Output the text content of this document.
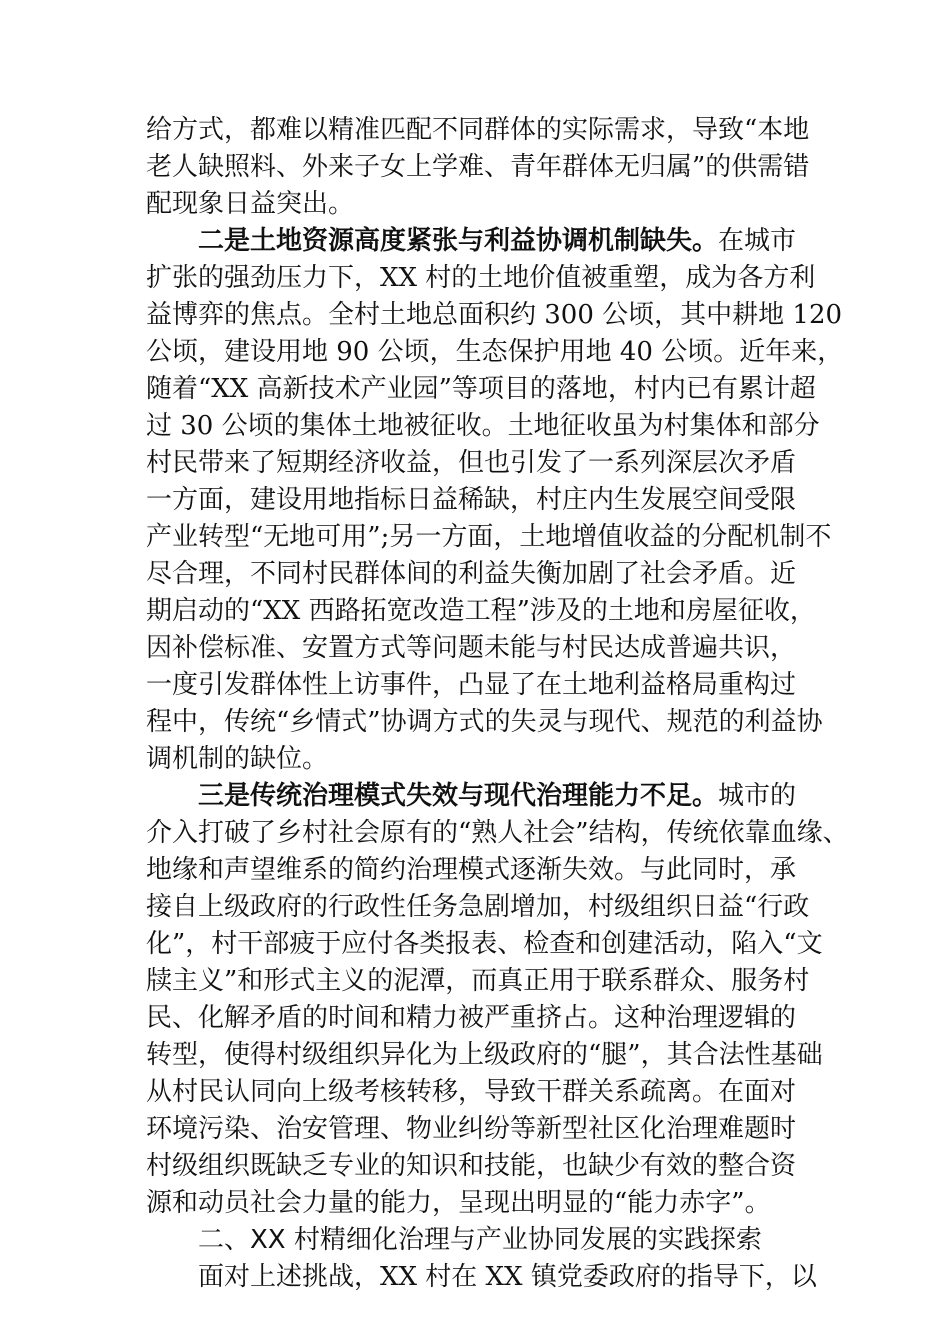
给方式，都难以精准匹配不同群体的实际需求，导致“本地
老人缺照料、外来子女上学难、青年群体无归属”的供需错
配现象日益突出。
二是土地资源高度紧张与利益协调机制缺失。在城市
扩张的强劲压力下，XX 村的土地价值被重塑，成为各方利
益博弈的焦点。全村土地总面积约 300 公顷，其中耕地 120
公顷，建设用地 90 公顷，生态保护用地 40 公顷。近年来，
随着“XX 高新技术产业园”等项目的落地，村内已有累计超
过 30 公顷的集体土地被征收。土地征收虽为村集体和部分
村民带来了短期经济收益，但也引发了一系列深层次矛盾
一方面，建设用地指标日益稀缺，村庄内生发展空间受限
产业转型“无地可用”;另一方面，土地增值收益的分配机制不
尽合理，不同村民群体间的利益失衡加剧了社会矛盾。近
期启动的“XX 西路拓宽改造工程”涉及的土地和房屋征收，
因补偿标准、安置方式等问题未能与村民达成普遍共识，
一度引发群体性上访事件，凸显了在土地利益格局重构过
程中，传统“乡情式”协调方式的失灵与现代、规范的利益协
调机制的缺位。
三是传统治理模式失效与现代治理能力不足。城市的
介入打破了乡村社会原有的“熟人社会”结构，传统依靠血缘、
地缘和声望维系的简约治理模式逐渐失效。与此同时，承
接自上级政府的行政性任务急剧增加，村级组织日益“行政
化”，村干部疲于应付各类报表、检查和创建活动，陷入“文
牍主义”和形式主义的泥潭，而真正用于联系群众、服务村
民、化解矛盾的时间和精力被严重挤占。这种治理逻辑的
转型，使得村级组织异化为上级政府的“腿”，其合法性基础
从村民认同向上级考核转移，导致干群关系疏离。在面对
环境污染、治安管理、物业纠纷等新型社区化治理难题时
村级组织既缺乏专业的知识和技能，也缺少有效的整合资
源和动员社会力量的能力，呈现出明显的“能力赤字”。
二、XX 村精细化治理与产业协同发展的实践探索
面对上述挑战，XX 村在 XX 镇党委政府的指导下，以
